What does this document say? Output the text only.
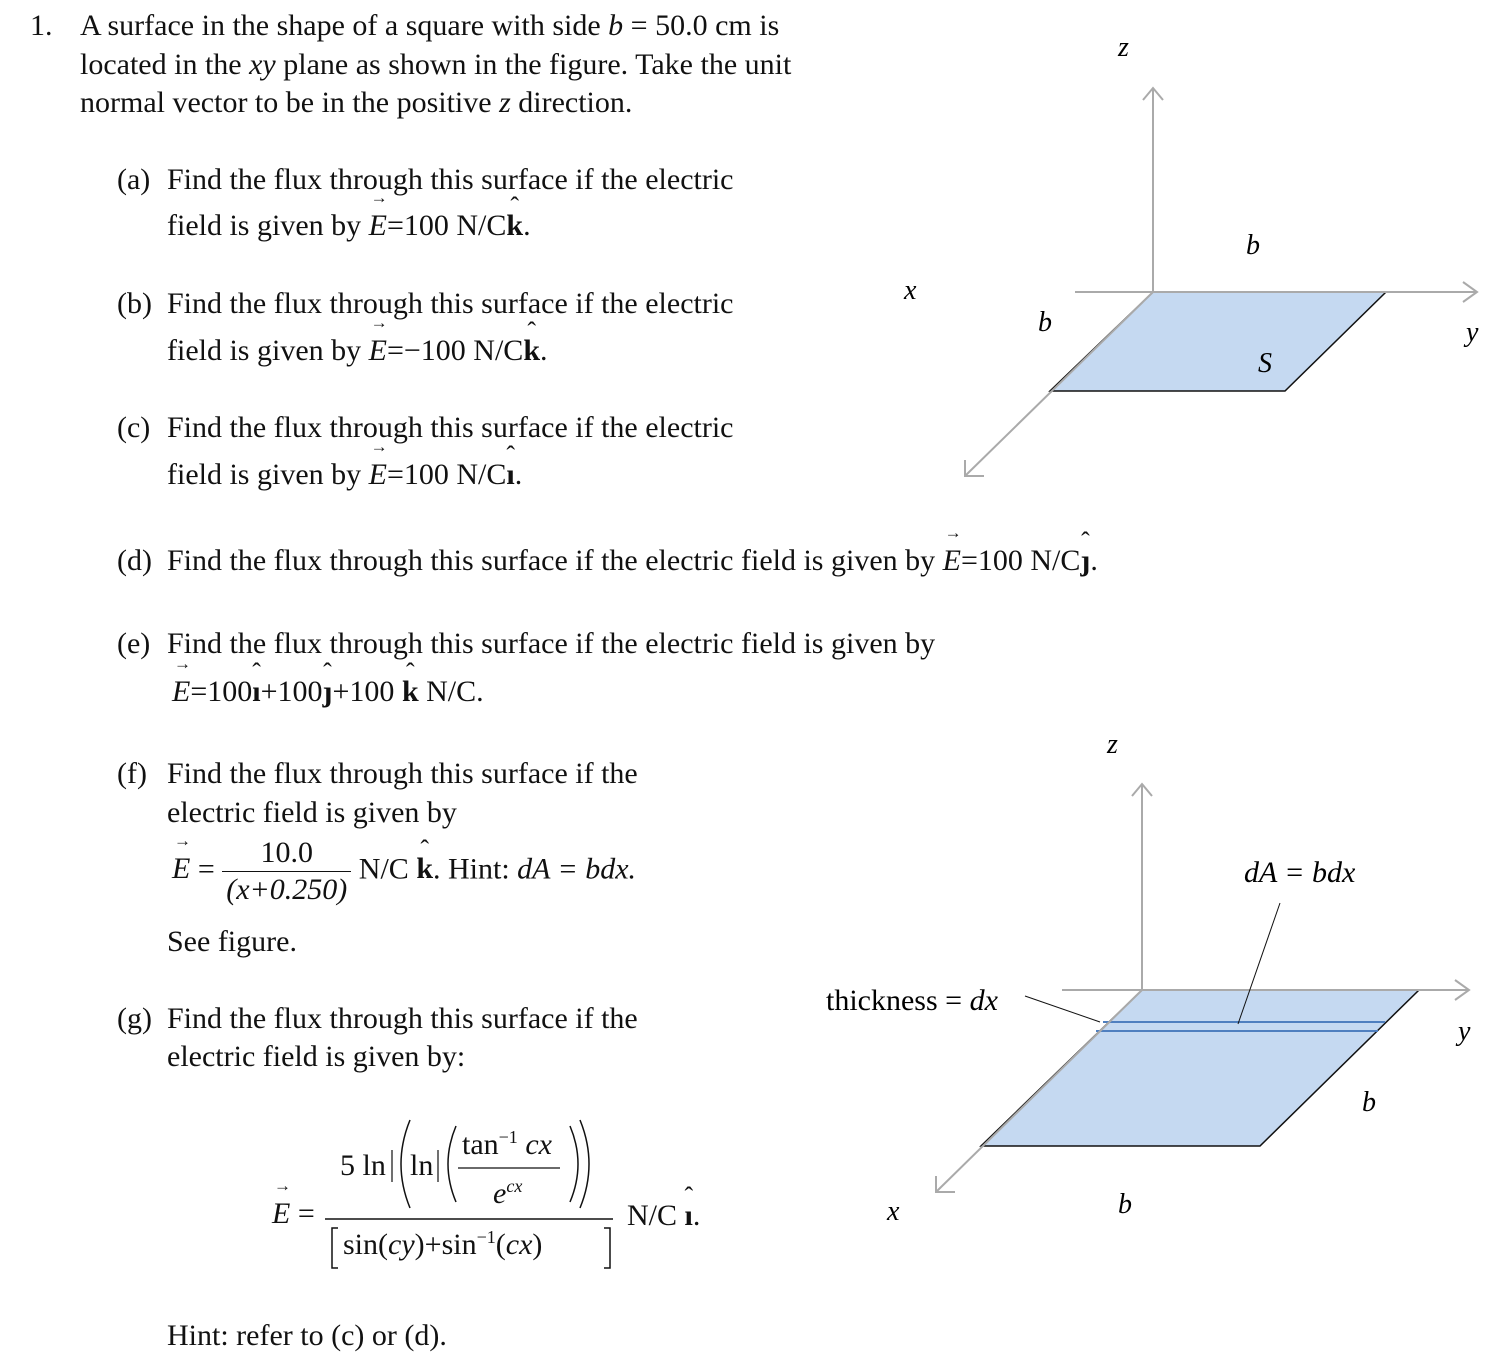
1. A surface in the shape of a square with side b = 50.0 cm is
located in the xy plane as shown in the figure. Take the unit
normal vector to be in the positive z direction.
(a) Find the flux through this surface if the electric
field is given by → E=100 N/Cˆ k.
(b) Find the flux through this surface if the electric
field is given by → E=−100 N/Cˆ k.
(c) Find the flux through this surface if the electric
field is given by → E=100 N/Cˆ ı.
(d) Find the flux through this surface if the electric field is given by → E=100 N/Cˆ ȷ.
(e) Find the flux through this surface if the electric field is given by
→ E=100ˆ ı+100ˆ ȷ+100 ˆ k N/C.
(f) Find the flux through this surface if the
electric field is given by
→ $E = \frac{10.0}{(x+0.250)} N/C$ ˆ k. Hint: dA = bdx.
See figure.
(g) Find the flux through this surface if the
electric field is given by:
→ E =
5 ln ln
$\tan^{-1}$ cx
$e^{cx}$
$\sin(cy)+\sin^{-1}(cx)$
N/C ˆ ı.
Hint: refer to (c) or (d).
z
x
y
b
b
S
z
x
y
dA = bdx
thickness = dx
b
b
